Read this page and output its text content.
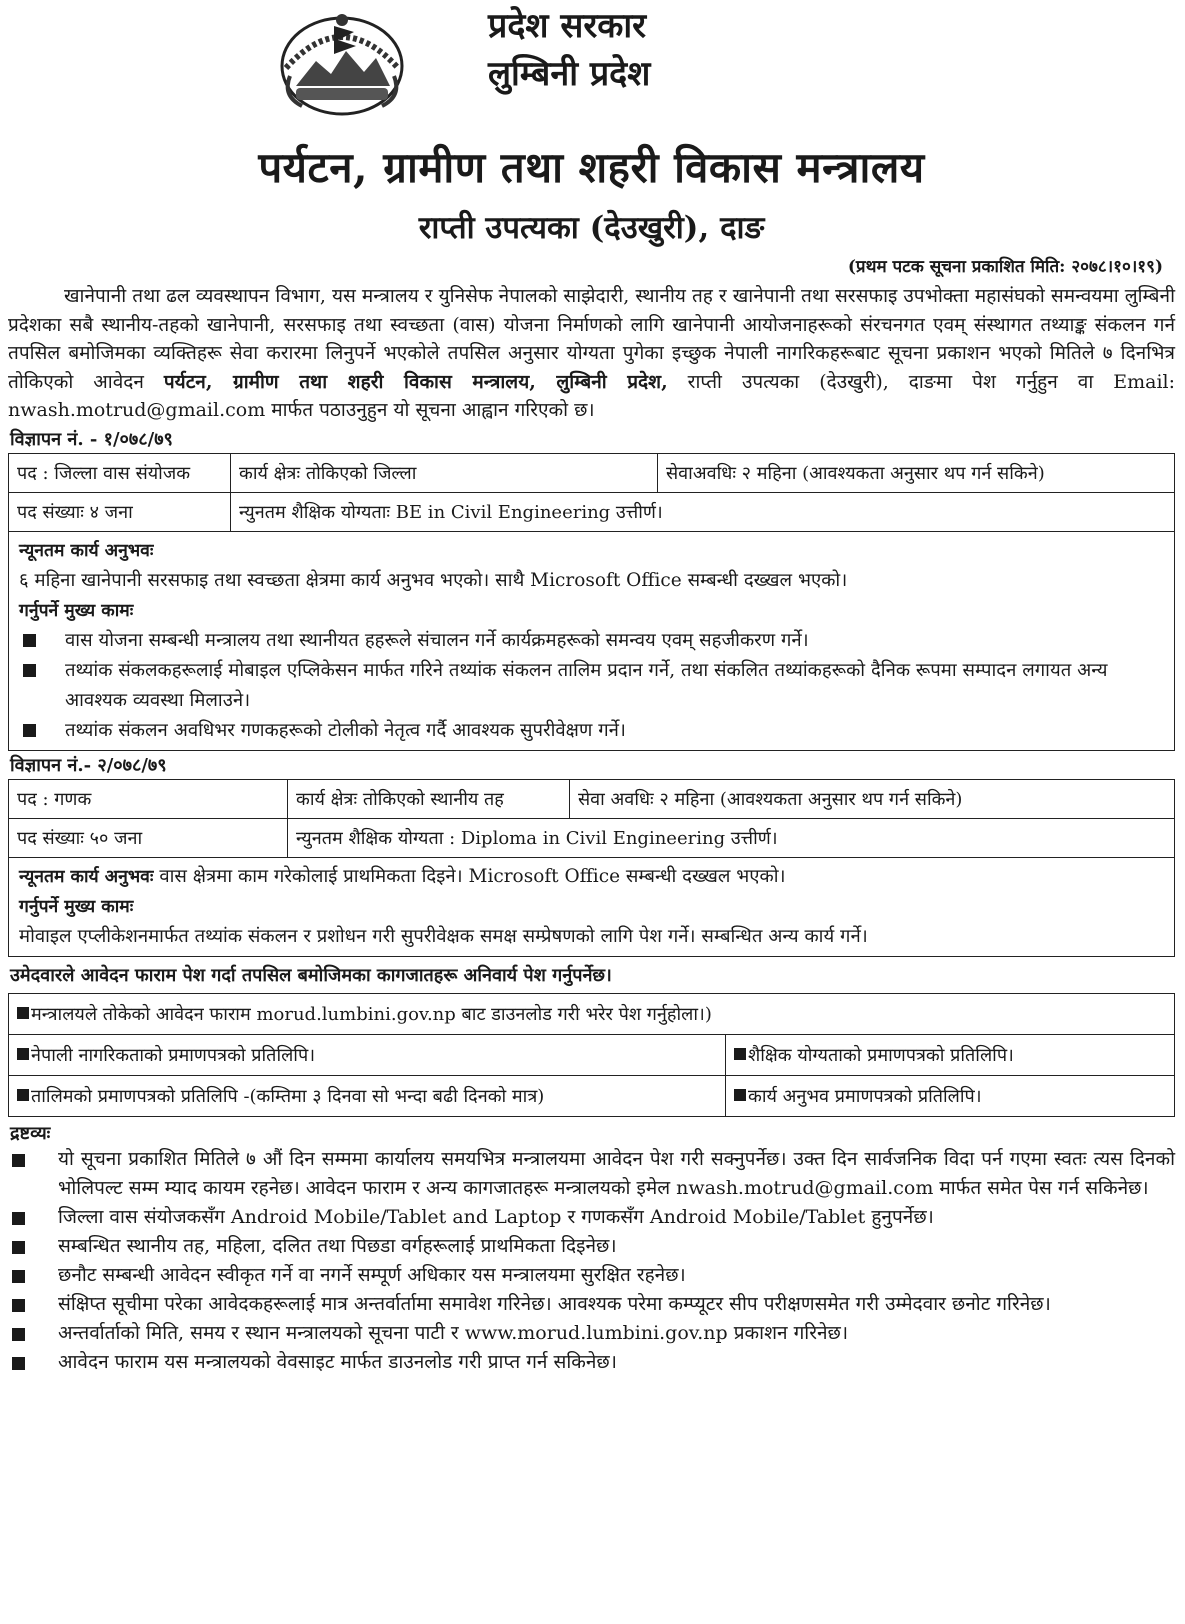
प्रदेश सरकार
लुम्बिनी प्रदेश
पर्यटन, ग्रामीण तथा शहरी विकास मन्त्रालय
राप्ती उपत्यका (देउखुरी), दाङ
(प्रथम पटक सूचना प्रकाशित मिति: २०७८।१०।१९)

खानेपानी तथा ढल व्यवस्थापन विभाग, यस मन्त्रालय र युनिसेफ नेपालको साझेदारी, स्थानीय तह र खानेपानी तथा सरसफाइ उपभोक्ता महासंघको समन्वयमा लुम्बिनी प्रदेशका सबै स्थानीय-तहको खानेपानी, सरसफाइ तथा स्वच्छता (वास) योजना निर्माणको लागि खानेपानी आयोजनाहरूको संरचनगत एवम् संस्थागत तथ्याङ्क संकलन गर्न तपसिल बमोजिमका व्यक्तिहरू सेवा करारमा लिनुपर्ने भएकोले तपसिल अनुसार योग्यता पुगेका इच्छुक नेपाली नागरिकहरूबाट सूचना प्रकाशन भएको मितिले ७ दिनभित्र तोकिएको आवेदन पर्यटन, ग्रामीण तथा शहरी विकास मन्त्रालय, लुम्बिनी प्रदेश, राप्ती उपत्यका (देउखुरी), दाङमा पेश गर्नुहुन वा Email: nwash.motrud@gmail.com मार्फत पठाउनुहुन यो सूचना आह्वान गरिएको छ।

विज्ञापन नं. - १/०७८/७९
पद : जिल्ला वास संयोजक	कार्य क्षेत्रः तोकिएको जिल्ला	सेवाअवधिः २ महिना (आवश्यकता अनुसार थप गर्न सकिने)
पद संख्याः ४ जना	न्युनतम शैक्षिक योग्यताः BE in Civil Engineering उत्तीर्ण।	
न्यूनतम कार्य अनुभवः
६ महिना खानेपानी सरसफाइ तथा स्वच्छता क्षेत्रमा कार्य अनुभव भएको। साथै Microsoft Office सम्बन्धी दख्खल भएको।
गर्नुपर्ने मुख्य कामः
वास योजना सम्बन्धी मन्त्रालय तथा स्थानीयत हहरूले संचालन गर्ने कार्यक्रमहरूको समन्वय एवम् सहजीकरण गर्ने।
तथ्यांक संकलकहरूलाई मोबाइल एप्लिकेसन मार्फत गरिने तथ्यांक संकलन तालिम प्रदान गर्ने, तथा संकलित तथ्यांकहरूको दैनिक रूपमा सम्पादन लगायत अन्य आवश्यक व्यवस्था मिलाउने।
तथ्यांक संकलन अवधिभर गणकहरूको टोलीको नेतृत्व गर्दै आवश्यक सुपरीवेक्षण गर्ने।
विज्ञापन नं.- २/०७८/७९
पद : गणक	कार्य क्षेत्रः तोकिएको स्थानीय तह	सेवा अवधिः २ महिना (आवश्यकता अनुसार थप गर्न सकिने)
पद संख्याः ५० जना	न्युनतम शैक्षिक योग्यता : Diploma in Civil Engineering उत्तीर्ण।	
न्यूनतम कार्य अनुभवः वास क्षेत्रमा काम गरेकोलाई प्राथमिकता दिइने। Microsoft Office सम्बन्धी दख्खल भएको।
गर्नुपर्ने मुख्य कामः
मोवाइल एप्लीकेशनमार्फत तथ्यांक संकलन र प्रशोधन गरी सुपरीवेक्षक समक्ष सम्प्रेषणको लागि पेश गर्ने। सम्बन्धित अन्य कार्य गर्ने।
उमेदवारले आवेदन फाराम पेश गर्दा तपसिल बमोजिमका कागजातहरू अनिवार्य पेश गर्नुपर्नेछ।
मन्त्रालयले तोकेको आवेदन फाराम morud.lumbini.gov.np बाट डाउनलोड गरी भरेर पेश गर्नुहोला।)	
नेपाली नागरिकताको प्रमाणपत्रको प्रतिलिपि।	शैक्षिक योग्यताको प्रमाणपत्रको प्रतिलिपि।
तालिमको प्रमाणपत्रको प्रतिलिपि -(कम्तिमा ३ दिनवा सो भन्दा बढी दिनको मात्र)	कार्य अनुभव प्रमाणपत्रको प्रतिलिपि।
द्रष्टव्यः
यो सूचना प्रकाशित मितिले ७ औं दिन सम्ममा कार्यालय समयभित्र मन्त्रालयमा आवेदन पेश गरी सक्नुपर्नेछ। उक्त दिन सार्वजनिक विदा पर्न गएमा स्वतः त्यस दिनको भोलिपल्ट सम्म म्याद कायम रहनेछ। आवेदन फाराम र अन्य कागजातहरू मन्त्रालयको इमेल nwash.motrud@gmail.com मार्फत समेत पेस गर्न सकिनेछ।
जिल्ला वास संयोजकसँग Android Mobile/Tablet and Laptop र गणकसँग Android Mobile/Tablet हुनुपर्नेछ।
सम्बन्धित स्थानीय तह, महिला, दलित तथा पिछडा वर्गहरूलाई प्राथमिकता दिइनेछ।
छनौट सम्बन्धी आवेदन स्वीकृत गर्ने वा नगर्ने सम्पूर्ण अधिकार यस मन्त्रालयमा सुरक्षित रहनेछ।
संक्षिप्त सूचीमा परेका आवेदकहरूलाई मात्र अन्तर्वार्तामा समावेश गरिनेछ। आवश्यक परेमा कम्प्यूटर सीप परीक्षणसमेत गरी उम्मेदवार छनोट गरिनेछ।
अन्तर्वार्ताको मिति, समय र स्थान मन्त्रालयको सूचना पाटी र www.morud.lumbini.gov.np प्रकाशन गरिनेछ।
आवेदन फाराम यस मन्त्रालयको वेवसाइट मार्फत डाउनलोड गरी प्राप्त गर्न सकिनेछ।
